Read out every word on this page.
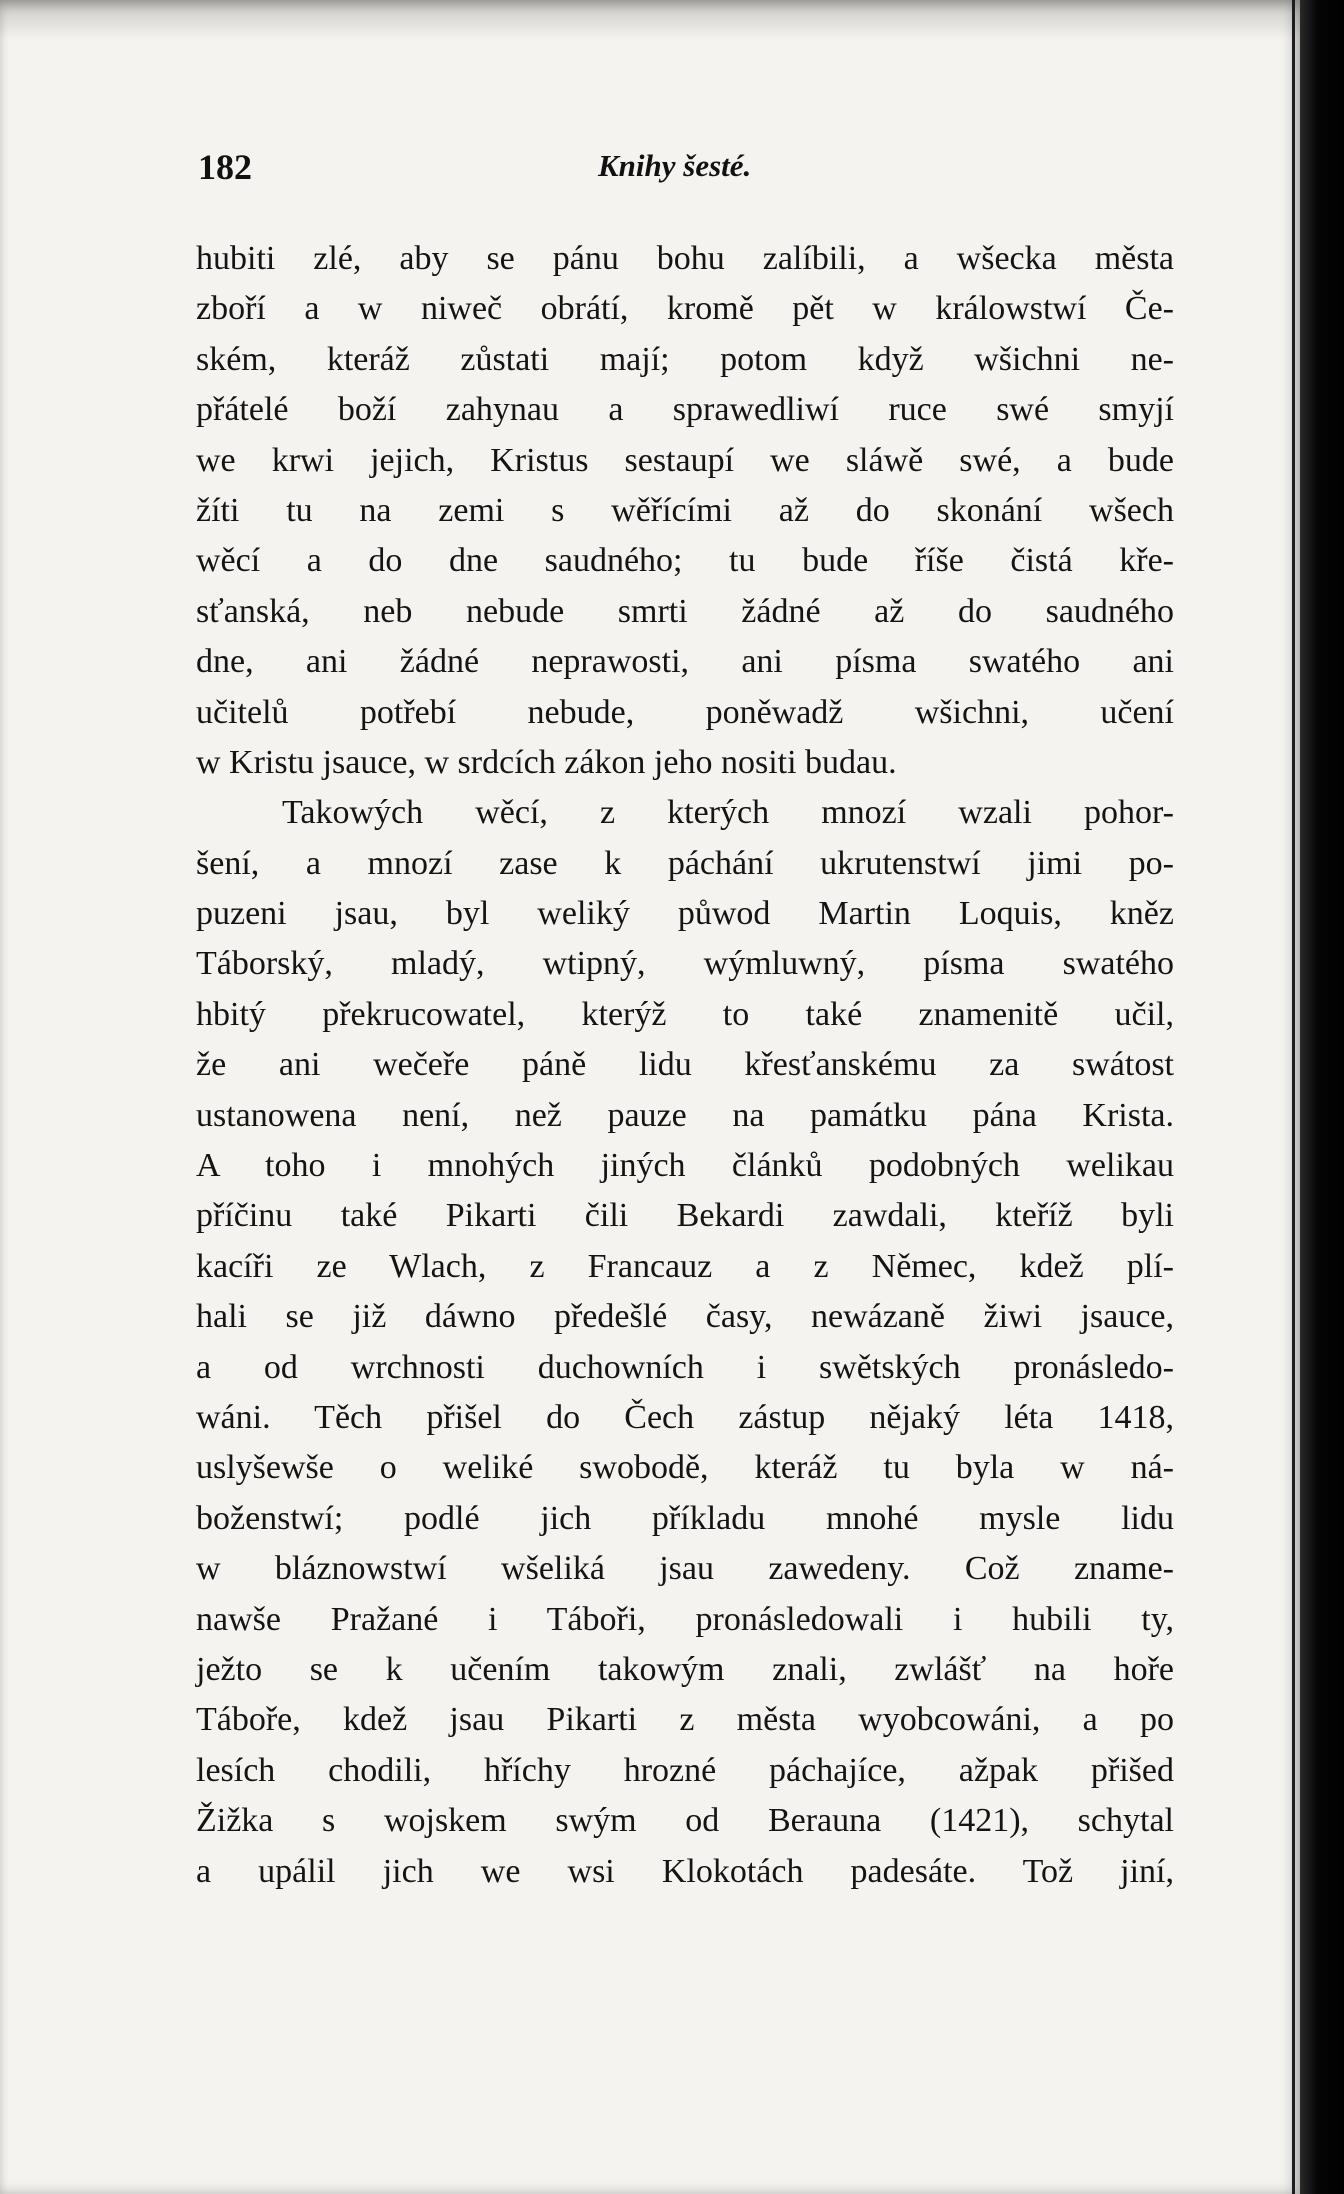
182	Knihy šesté.
hubiti zlé, aby se pánu bohu zalíbili, a wšecka města
zboří a w niweč obrátí, kromě pět w králowstwí Če-
ském, kteráž zůstati mají; potom když wšichni ne-
přátelé boží zahynau a sprawedliwí ruce swé smyjí
we krwi jejich, Kristus sestaupí we sláwě swé, a bude
žíti tu na zemi s wěřícími až do skonání wšech
wěcí a do dne saudného; tu bude říše čistá kře-
sťanská, neb nebude smrti žádné až do saudného
dne, ani žádné neprawosti, ani písma swatého ani
učitelů potřebí nebude, poněwadž wšichni, učení
w Kristu jsauce, w srdcích zákon jeho nositi budau.
Takowých wěcí, z kterých mnozí wzali pohor-
šení, a mnozí zase k páchání ukrutenstwí jimi po-
puzeni jsau, byl weliký půwod Martin Loquis, kněz
Táborský, mladý, wtipný, wýmluwný, písma swatého
hbitý překrucowatel, kterýž to také znamenitě učil,
že ani wečeře páně lidu křesťanskému za swátost
ustanowena není, než pauze na památku pána Krista.
A toho i mnohých jiných článků podobných welikau
příčinu také Pikarti čili Bekardi zawdali, kteříž byli
kacíři ze Wlach, z Francauz a z Němec, kdež plí-
hali se již dáwno předešlé časy, newázaně žiwi jsauce,
a od wrchnosti duchowních i swětských pronásledo-
wáni. Těch přišel do Čech zástup nějaký léta 1418,
uslyšewše o weliké swobodě, kteráž tu byla w ná-
boženstwí; podlé jich příkladu mnohé mysle lidu
w bláznowstwí wšeliká jsau zawedeny. Což zname-
nawše Pražané i Táboři, pronásledowali i hubili ty,
ježto se k učením takowým znali, zwlášť na hoře
Táboře, kdež jsau Pikarti z města wyobcowáni, a po
lesích chodili, hříchy hrozné páchajíce, ažpak přišed
Žižka s wojskem swým od Berauna (1421), schytal
a upálil jich we wsi Klokotách padesáte. Tož jiní,
